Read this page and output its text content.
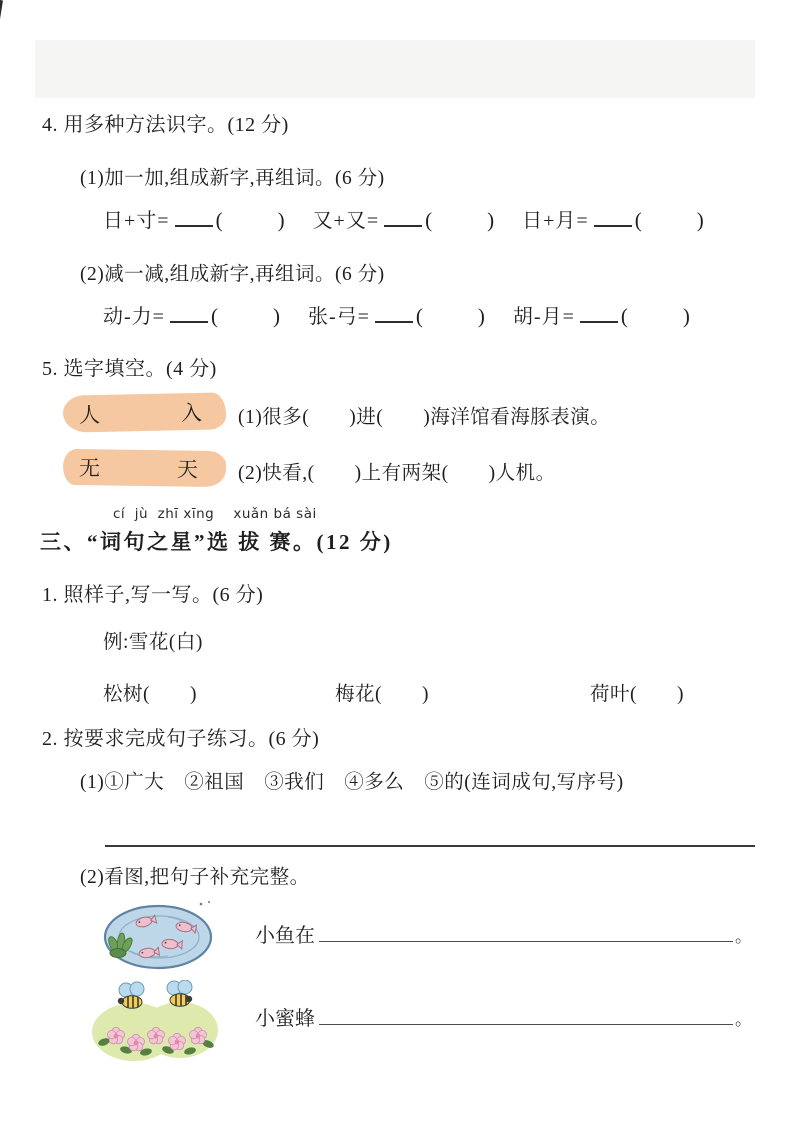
4. 用多种方法识字。(12 分)
(1)加一加,组成新字,再组词。(6 分)
日+寸= (	) 又+又= (	) 日+月= (	)
(2)减一减,组成新字,再组词。(6 分)
动-力= (	) 张-弓= (	) 胡-月= (	)
5. 选字填空。(4 分)
人	入 (1)很多(　　)进(　　)海洋馆看海豚表演。
无	天 (2)快看,(　　)上有两架(　　)人机。
cí  jù  zhī xīng    xuǎn bá sài
三、“词句之星”选 拔 赛。(12 分)
1. 照样子,写一写。(6 分)
例:雪花(白)
松树(　　)	梅花(　　)	荷叶(　　)
2. 按要求完成句子练习。(6 分)
(1)①广大　②祖国　③我们　④多么　⑤的(连词成句,写序号)
(2)看图,把句子补充完整。
小鱼在	。
小蜜蜂	。
